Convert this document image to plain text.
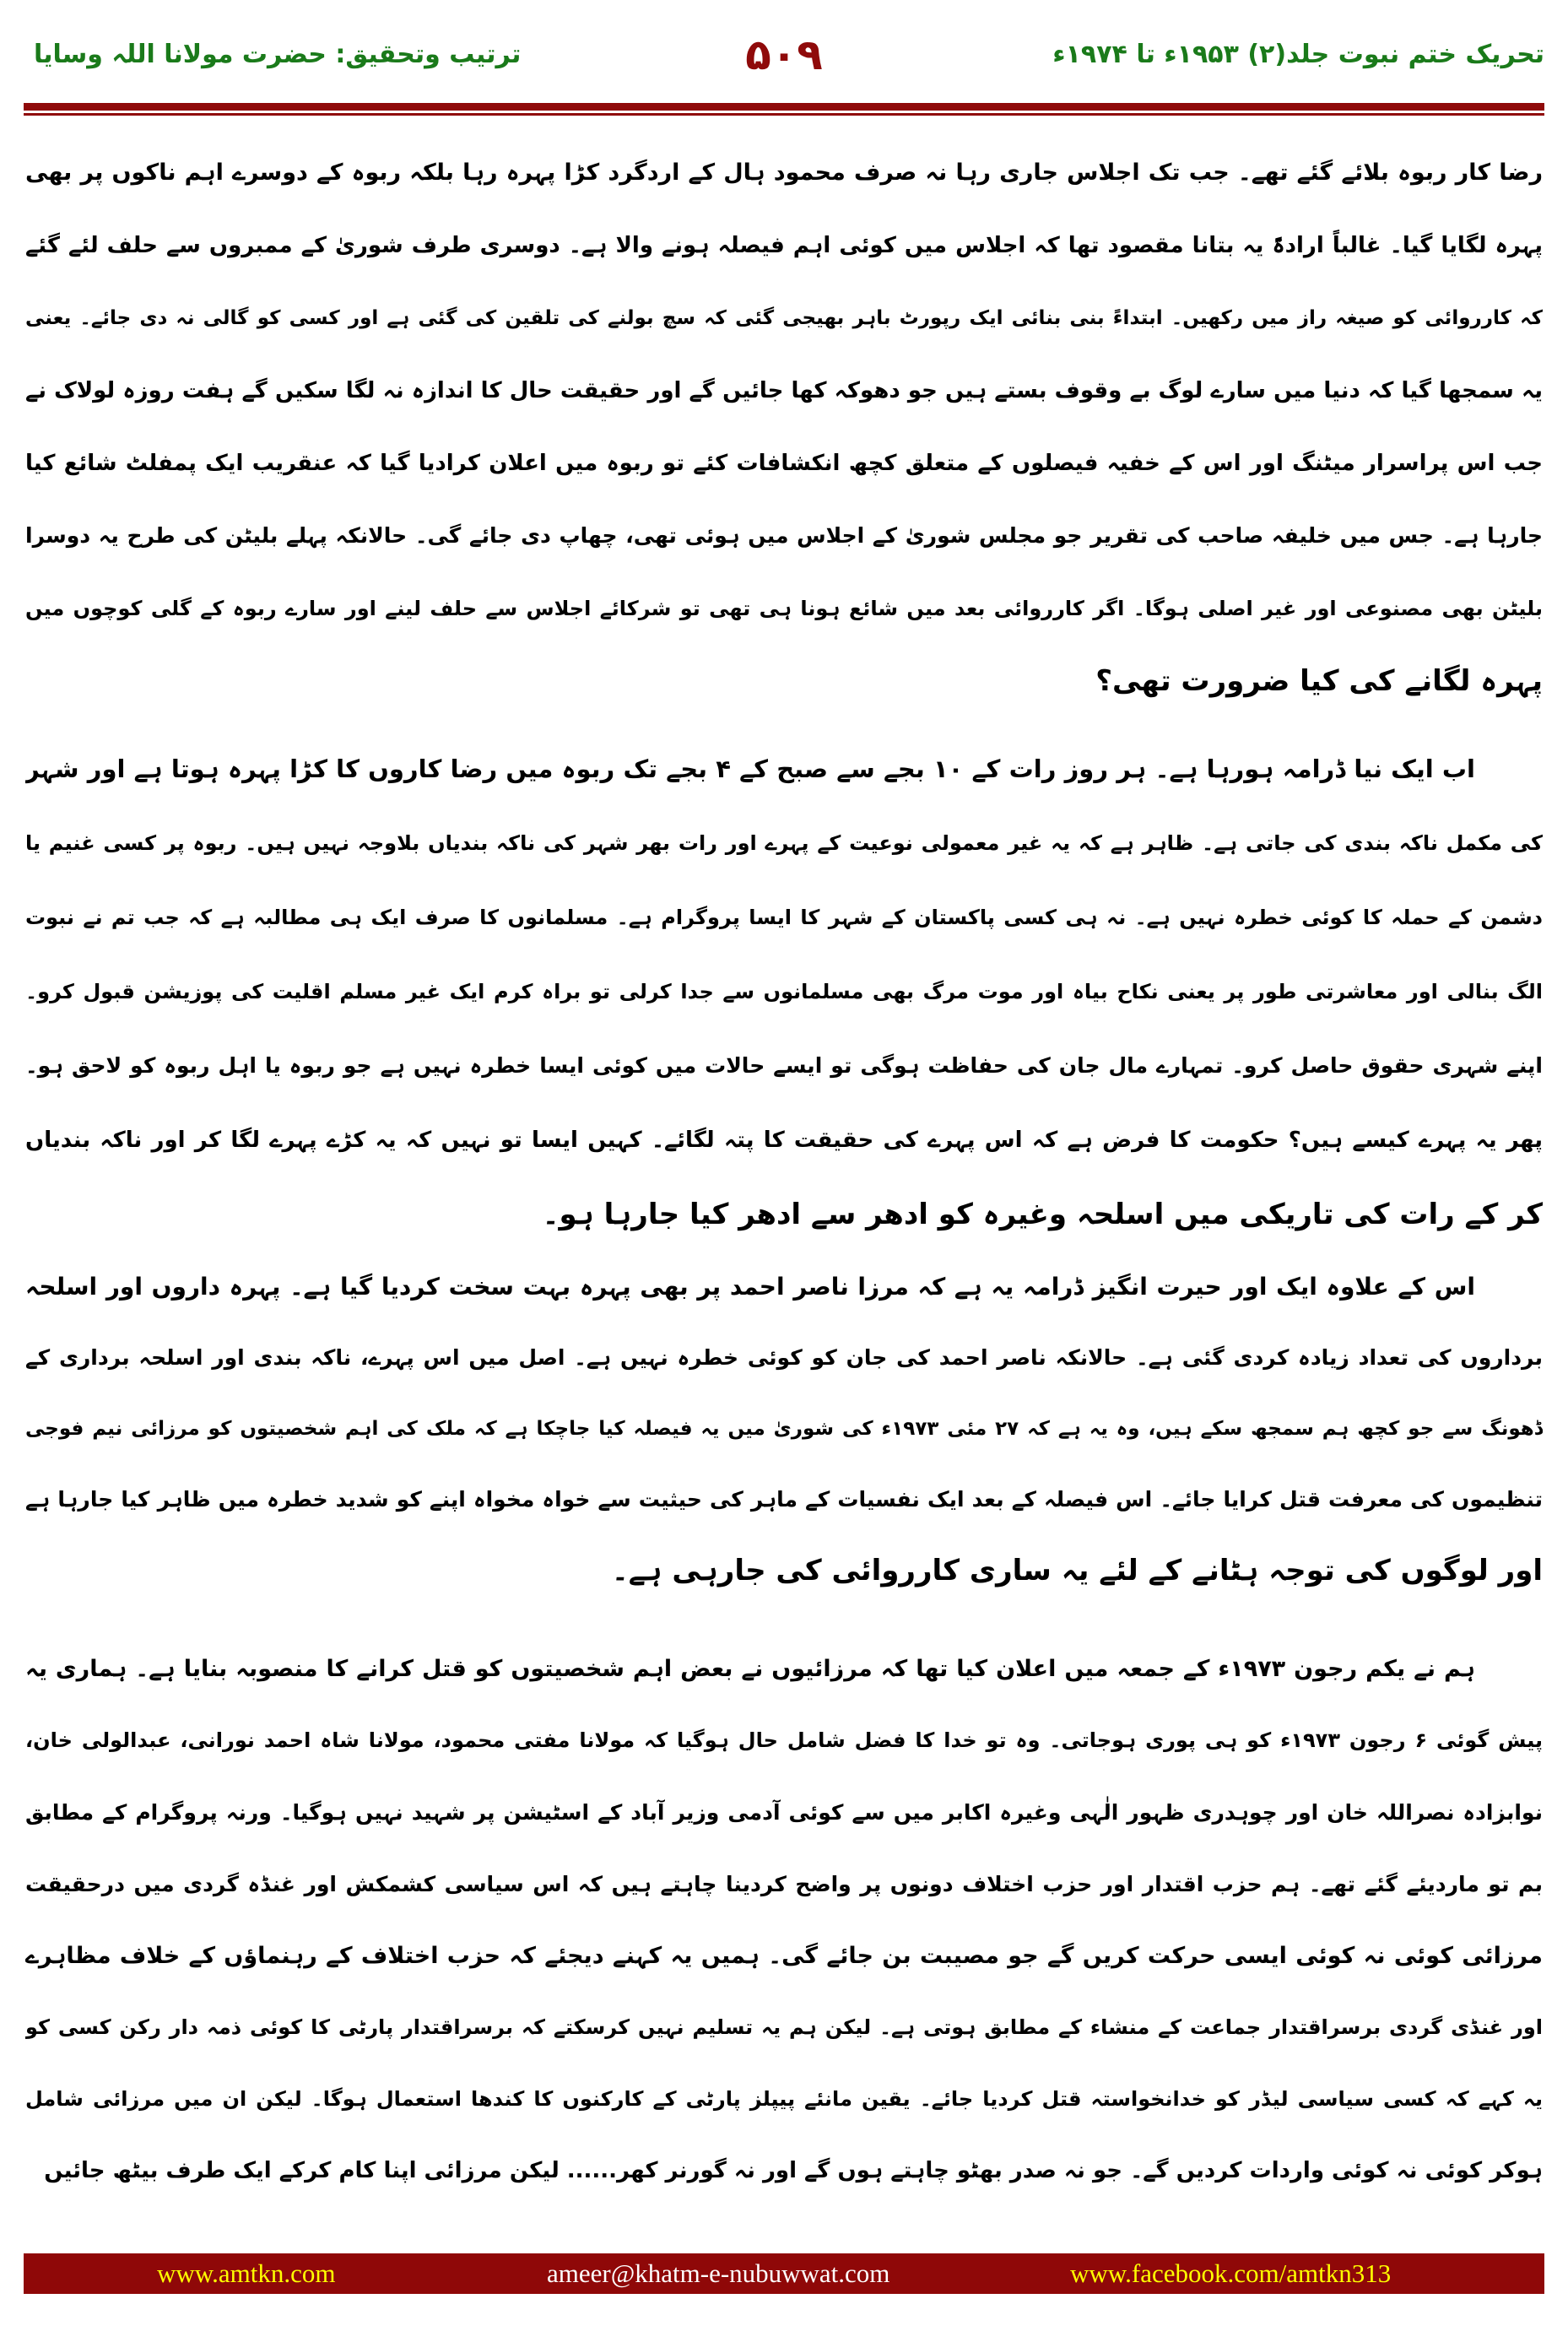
تحریک ختم نبوت جلد(۲) ۱۹۵۳ء تا ۱۹۷۴ء
۵۰۹
ترتیب وتحقیق: حضرت مولانا اللہ وسایا
رضا کار ربوہ بلائے گئے تھے۔ جب تک اجلاس جاری رہا نہ صرف محمود ہال کے اردگرد کڑا پہرہ رہا بلکہ ربوہ کے دوسرے اہم ناکوں پر بھی
پہرہ لگایا گیا۔ غالباً ارادۃً یہ بتانا مقصود تھا کہ اجلاس میں کوئی اہم فیصلہ ہونے والا ہے۔ دوسری طرف شوریٰ کے ممبروں سے حلف لئے گئے
کہ کارروائی کو صیغہ راز میں رکھیں۔ ابتداءً بنی بنائی ایک رپورٹ باہر بھیجی گئی کہ سچ بولنے کی تلقین کی گئی ہے اور کسی کو گالی نہ دی جائے۔ یعنی
یہ سمجھا گیا کہ دنیا میں سارے لوگ بے وقوف بستے ہیں جو دھوکہ کھا جائیں گے اور حقیقت حال کا اندازہ نہ لگا سکیں گے ہفت روزہ لولاک نے
جب اس پراسرار میٹنگ اور اس کے خفیہ فیصلوں کے متعلق کچھ انکشافات کئے تو ربوہ میں اعلان کرادیا گیا کہ عنقریب ایک پمفلٹ شائع کیا
جارہا ہے۔ جس میں خلیفہ صاحب کی تقریر جو مجلس شوریٰ کے اجلاس میں ہوئی تھی، چھاپ دی جائے گی۔ حالانکہ پہلے بلیٹن کی طرح یہ دوسرا
بلیٹن بھی مصنوعی اور غیر اصلی ہوگا۔ اگر کارروائی بعد میں شائع ہونا ہی تھی تو شرکائے اجلاس سے حلف لینے اور سارے ربوہ کے گلی کوچوں میں
پہرہ لگانے کی کیا ضرورت تھی؟
اب ایک نیا ڈرامہ ہورہا ہے۔ ہر روز رات کے ۱۰ بجے سے صبح کے ۴ بجے تک ربوہ میں رضا کاروں کا کڑا پہرہ ہوتا ہے اور شہر
کی مکمل ناکہ بندی کی جاتی ہے۔ ظاہر ہے کہ یہ غیر معمولی نوعیت کے پہرے اور رات بھر شہر کی ناکہ بندیاں بلاوجہ نہیں ہیں۔ ربوہ پر کسی غنیم یا
دشمن کے حملہ کا کوئی خطرہ نہیں ہے۔ نہ ہی کسی پاکستان کے شہر کا ایسا پروگرام ہے۔ مسلمانوں کا صرف ایک ہی مطالبہ ہے کہ جب تم نے نبوت
الگ بنالی اور معاشرتی طور پر یعنی نکاح بیاہ اور موت مرگ بھی مسلمانوں سے جدا کرلی تو براہ کرم ایک غیر مسلم اقلیت کی پوزیشن قبول کرو۔
اپنے شہری حقوق حاصل کرو۔ تمہارے مال جان کی حفاظت ہوگی تو ایسے حالات میں کوئی ایسا خطرہ نہیں ہے جو ربوہ یا اہل ربوہ کو لاحق ہو۔
پھر یہ پہرے کیسے ہیں؟ حکومت کا فرض ہے کہ اس پہرے کی حقیقت کا پتہ لگائے۔ کہیں ایسا تو نہیں کہ یہ کڑے پہرے لگا کر اور ناکہ بندیاں
کر کے رات کی تاریکی میں اسلحہ وغیرہ کو ادھر سے ادھر کیا جارہا ہو۔
اس کے علاوہ ایک اور حیرت انگیز ڈرامہ یہ ہے کہ مرزا ناصر احمد پر بھی پہرہ بہت سخت کردیا گیا ہے۔ پہرہ داروں اور اسلحہ
برداروں کی تعداد زیادہ کردی گئی ہے۔ حالانکہ ناصر احمد کی جان کو کوئی خطرہ نہیں ہے۔ اصل میں اس پہرے، ناکہ بندی اور اسلحہ برداری کے
ڈھونگ سے جو کچھ ہم سمجھ سکے ہیں، وہ یہ ہے کہ ۲۷ مئی ۱۹۷۳ء کی شوریٰ میں یہ فیصلہ کیا جاچکا ہے کہ ملک کی اہم شخصیتوں کو مرزائی نیم فوجی
تنظیموں کی معرفت قتل کرایا جائے۔ اس فیصلہ کے بعد ایک نفسیات کے ماہر کی حیثیت سے خواہ مخواہ اپنے کو شدید خطرہ میں ظاہر کیا جارہا ہے
اور لوگوں کی توجہ ہٹانے کے لئے یہ ساری کارروائی کی جارہی ہے۔
ہم نے یکم رجون ۱۹۷۳ء کے جمعہ میں اعلان کیا تھا کہ مرزائیوں نے بعض اہم شخصیتوں کو قتل کرانے کا منصوبہ بنایا ہے۔ ہماری یہ
پیش گوئی ۶ رجون ۱۹۷۳ء کو ہی پوری ہوجاتی۔ وہ تو خدا کا فضل شامل حال ہوگیا کہ مولانا مفتی محمود، مولانا شاہ احمد نورانی، عبدالولی خان،
نوابزادہ نصراللہ خان اور چوہدری ظہور الٰہی وغیرہ اکابر میں سے کوئی آدمی وزیر آباد کے اسٹیشن پر شہید نہیں ہوگیا۔ ورنہ پروگرام کے مطابق
بم تو ماردیئے گئے تھے۔ ہم حزب اقتدار اور حزب اختلاف دونوں پر واضح کردینا چاہتے ہیں کہ اس سیاسی کشمکش اور غنڈہ گردی میں درحقیقت
مرزائی کوئی نہ کوئی ایسی حرکت کریں گے جو مصیبت بن جائے گی۔ ہمیں یہ کہنے دیجئے کہ حزب اختلاف کے رہنماؤں کے خلاف مظاہرے
اور غنڈی گردی برسراقتدار جماعت کے منشاء کے مطابق ہوتی ہے۔ لیکن ہم یہ تسلیم نہیں کرسکتے کہ برسراقتدار پارٹی کا کوئی ذمہ دار رکن کسی کو
یہ کہے کہ کسی سیاسی لیڈر کو خدانخواستہ قتل کردیا جائے۔ یقین مانئے پیپلز پارٹی کے کارکنوں کا کندھا استعمال ہوگا۔ لیکن ان میں مرزائی شامل
ہوکر کوئی نہ کوئی واردات کردیں گے۔ جو نہ صدر بھٹو چاہتے ہوں گے اور نہ گورنر کھر...... لیکن مرزائی اپنا کام کرکے ایک طرف بیٹھ جائیں
www.amtkn.com	ameer@khatm-e-nubuwwat.com	www.facebook.com/amtkn313
